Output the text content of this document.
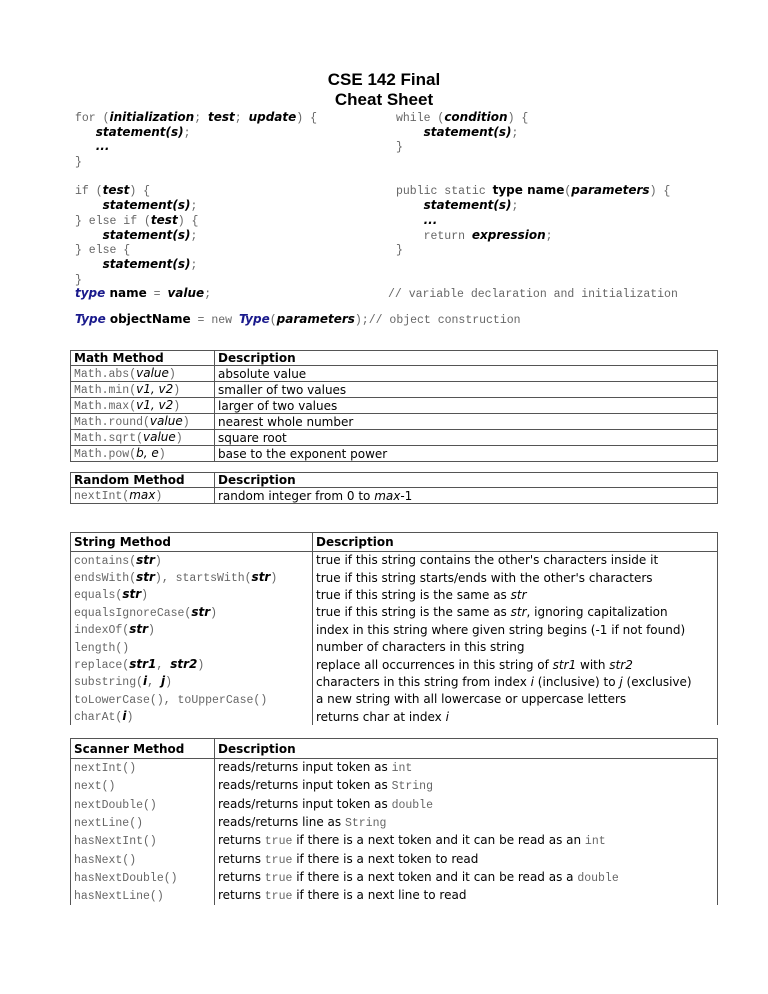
CSE 142 Final
Cheat Sheet
for (initialization; test; update) {
statement(s);
...
}

if (test) {
statement(s);
} else if (test) {
statement(s);
} else {
statement(s);
}
while (condition) {
statement(s);
}

public static type name(parameters) {
statement(s);
...
return expression;
}
type name = value;	// variable declaration and initialization
Type objectName = new Type(parameters);// object construction
Math Method	Description
Math.abs(value)	absolute value
Math.min(v1, v2)	smaller of two values
Math.max(v1, v2)	larger of two values
Math.round(value)	nearest whole number
Math.sqrt(value)	square root
Math.pow(b, e)	base to the exponent power
Random Method	Description
nextInt(max)	random integer from 0 to max-1
String Method	Description
contains(str)	true if this string contains the other's characters inside it
endsWith(str), startsWith(str)	true if this string starts/ends with the other's characters
equals(str)	true if this string is the same as str
equalsIgnoreCase(str)	true if this string is the same as str, ignoring capitalization
indexOf(str)	index in this string where given string begins (-1 if not found)
length()	number of characters in this string
replace(str1, str2)	replace all occurrences in this string of str1 with str2
substring(i, j)	characters in this string from index i (inclusive) to j (exclusive)
toLowerCase(), toUpperCase()	a new string with all lowercase or uppercase letters
charAt(i)	returns char at index i
Scanner Method	Description
nextInt()	reads/returns input token as int
next()	reads/returns input token as String
nextDouble()	reads/returns input token as double
nextLine()	reads/returns line as String
hasNextInt()	returns true if there is a next token and it can be read as an int
hasNext()	returns true if there is a next token to read
hasNextDouble()	returns true if there is a next token and it can be read as a double
hasNextLine()	returns true if there is a next line to read
